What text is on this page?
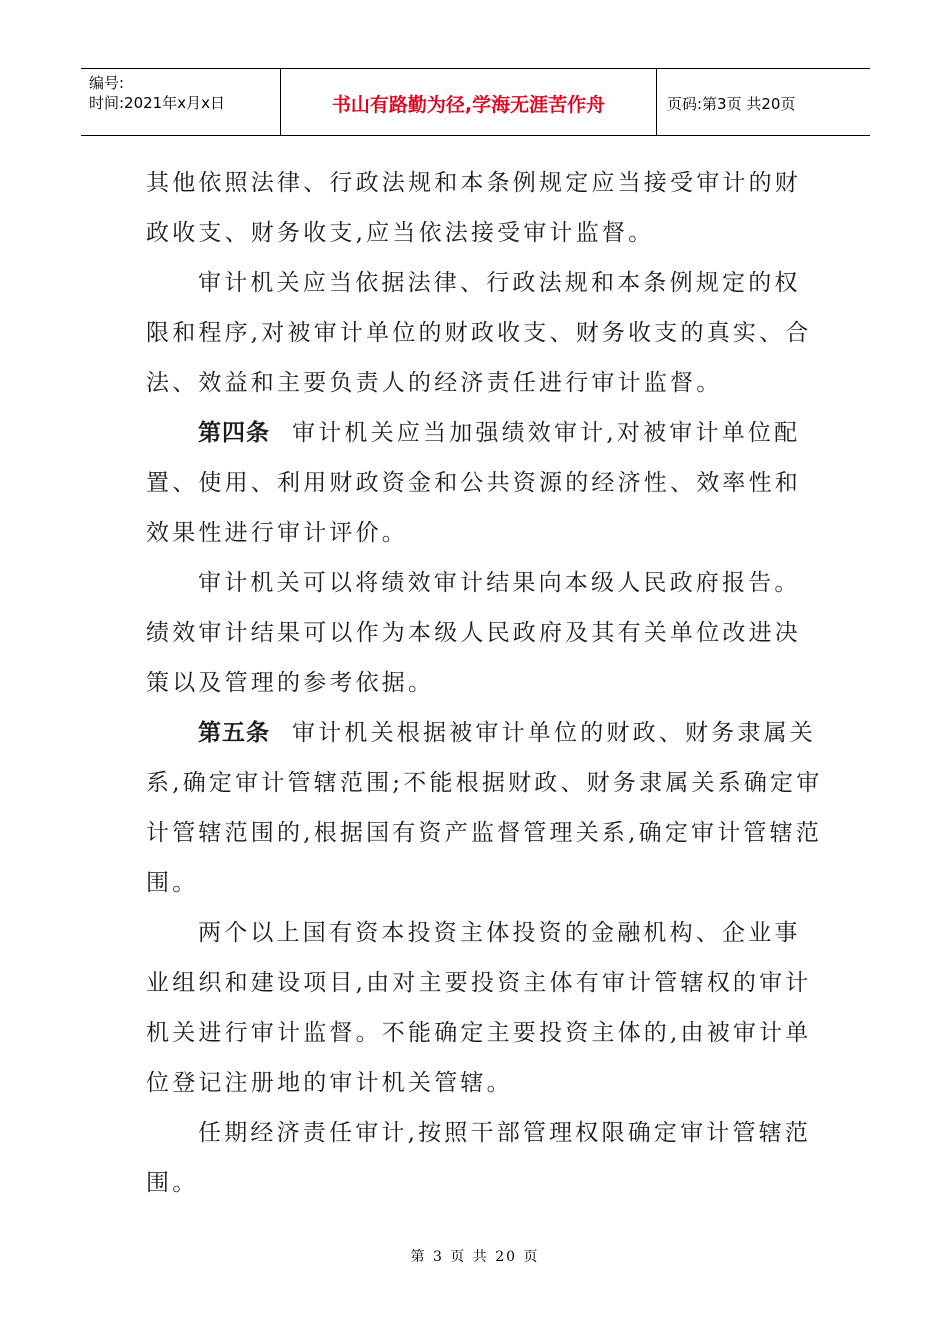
编号:
时间:2021年x月x日	书山有路勤为径,学海无涯苦作舟	页码:第3页 共20页

其他依照法律、行政法规和本条例规定应当接受审计的财政收支、财务收支,应当依法接受审计监督。

审计机关应当依据法律、行政法规和本条例规定的权限和程序,对被审计单位的财政收支、财务收支的真实、合法、效益和主要负责人的经济责任进行审计监督。

第四条 审计机关应当加强绩效审计,对被审计单位配置、使用、利用财政资金和公共资源的经济性、效率性和效果性进行审计评价。

审计机关可以将绩效审计结果向本级人民政府报告。绩效审计结果可以作为本级人民政府及其有关单位改进决策以及管理的参考依据。

第五条 审计机关根据被审计单位的财政、财务隶属关系,确定审计管辖范围;不能根据财政、财务隶属关系确定审计管辖范围的,根据国有资产监督管理关系,确定审计管辖范围。

两个以上国有资本投资主体投资的金融机构、企业事业组织和建设项目,由对主要投资主体有审计管辖权的审计机关进行审计监督。不能确定主要投资主体的,由被审计单位登记注册地的审计机关管辖。

任期经济责任审计,按照干部管理权限确定审计管辖范围。

第 3 页 共 20 页
